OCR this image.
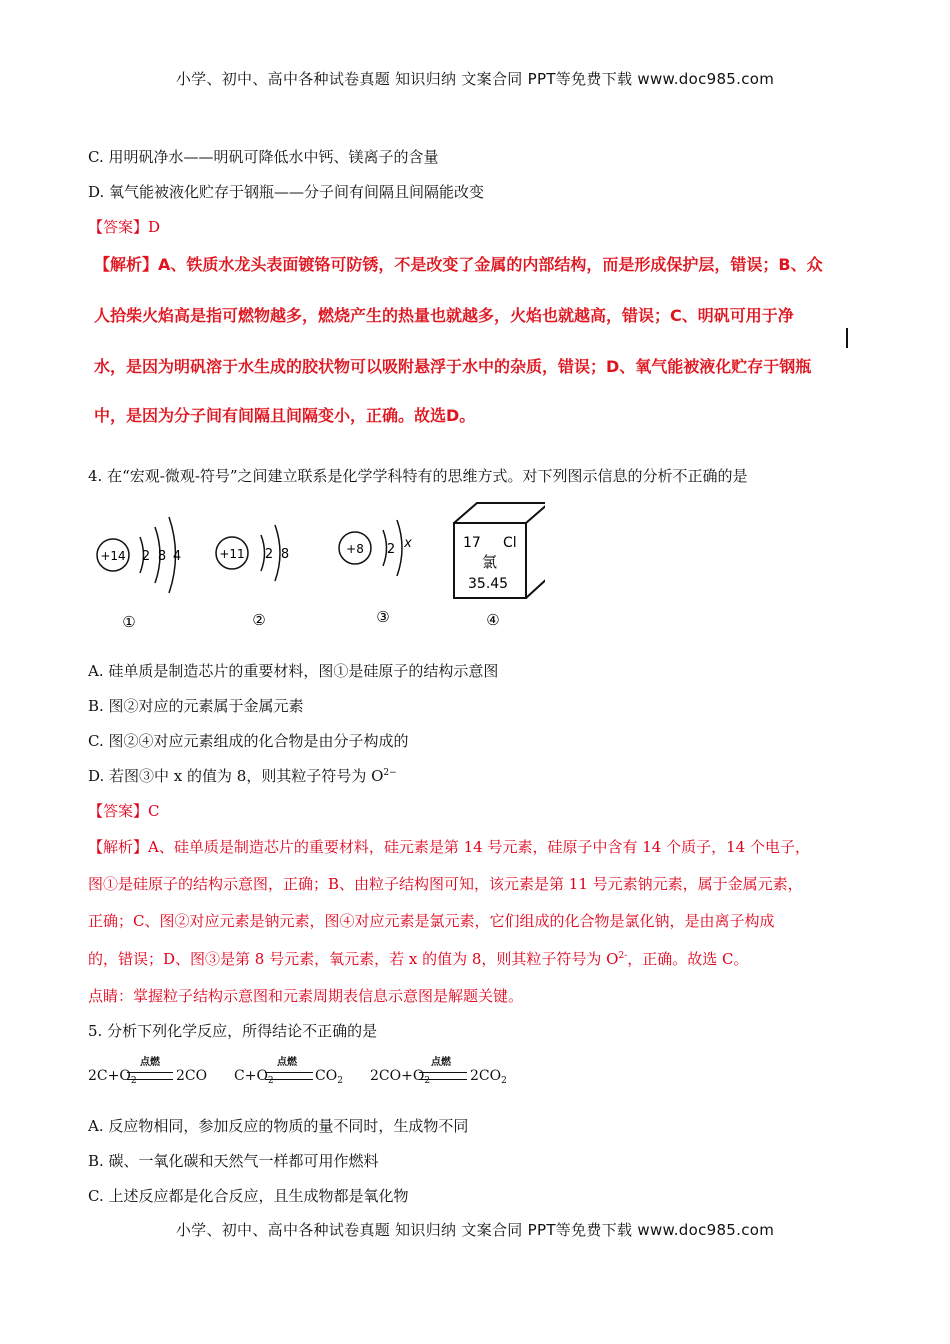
小学、初中、高中各种试卷真题 知识归纳 文案合同 PPT等免费下载 www.doc985.com
C. 用明矾净水——明矾可降低水中钙、镁离子的含量
D. 氧气能被液化贮存于钢瓶——分子间有间隔且间隔能改变
【答案】D
【解析】A、铁质水龙头表面镀铬可防锈，不是改变了金属的内部结构，而是形成保护层，错误；B、众
人拾柴火焰高是指可燃物越多，燃烧产生的热量也就越多，火焰也就越高，错误；C、明矾可用于净
水，是因为明矾溶于水生成的胶状物可以吸附悬浮于水中的杂质，错误；D、氧气能被液化贮存于钢瓶
中，是因为分子间有间隔且间隔变小，正确。故选D。
4. 在“宏观-微观-符号”之间建立联系是化学学科特有的思维方式。对下列图示信息的分析不正确的是
+14 2 8 4
①
+11 2 8
②
+8 2 x
③
17 Cl
氯
35.45
④
A. 硅单质是制造芯片的重要材料，图①是硅原子的结构示意图
B. 图②对应的元素属于金属元素
C. 图②④对应元素组成的化合物是由分子构成的
D. 若图③中 x 的值为 8，则其粒子符号为 $O^{2-}$
【答案】C
【解析】A、硅单质是制造芯片的重要材料，硅元素是第 14 号元素，硅原子中含有 14 个质子，14 个电子，
图①是硅原子的结构示意图，正确；B、由粒子结构图可知，该元素是第 11 号元素钠元素，属于金属元素，
正确；C、图②对应元素是钠元素，图④对应元素是氯元素，它们组成的化合物是氯化钠，是由离子构成
的，错误；D、图③是第 8 号元素，氧元素，若 x 的值为 8，则其粒子符号为 $O^{2-}$，正确。故选 C。
点睛：掌握粒子结构示意图和元素周期表信息示意图是解题关键。
5. 分析下列化学反应，所得结论不正确的是
$2C+O_2$
点燃
2CO $C+O_2$
点燃
$CO_2$ $2CO+O_2$
点燃
$2CO_2$
A. 反应物相同，参加反应的物质的量不同时，生成物不同
B. 碳、一氧化碳和天然气一样都可用作燃料
C. 上述反应都是化合反应，且生成物都是氧化物
小学、初中、高中各种试卷真题 知识归纳 文案合同 PPT等免费下载 www.doc985.com
